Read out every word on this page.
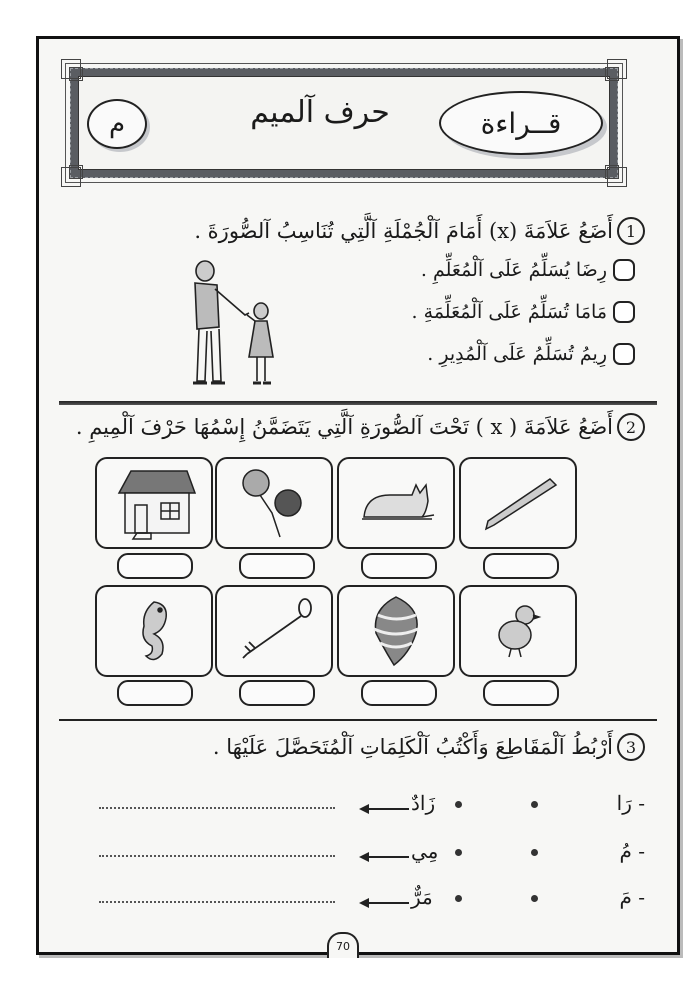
م	حرف آلميم	قــراءة
1
أَضَعُ عَلاَمَةَ (x) أَمَامَ آلْجُمْلَةِ آلَّتِي تُنَاسِبُ آلصُّورَةَ .
رِضَا يُسَلِّمُ عَلَى آلْمُعَلِّمِ .
مَامَا تُسَلِّمُ عَلَى آلْمُعَلِّمَةِ .
رِيمُ تُسَلِّمُ عَلَى آلْمُدِيرِ .
2
أَضَعُ عَلاَمَةَ ( x ) تَحْتَ آلصُّورَةِ آلَّتِي يَتَضَمَّنُ إِسْمُهَا حَرْفَ آلْمِيمِ .
3
أَرْبُطُ آلْمَقَاطِعَ وَأَكْتُبُ آلْكَلِمَاتِ آلْمُتَحَصَّلَ عَلَيْهَا .
زَادٌ	- رَا
مِي	- مُ
مَرٌّ	- مَ
70
